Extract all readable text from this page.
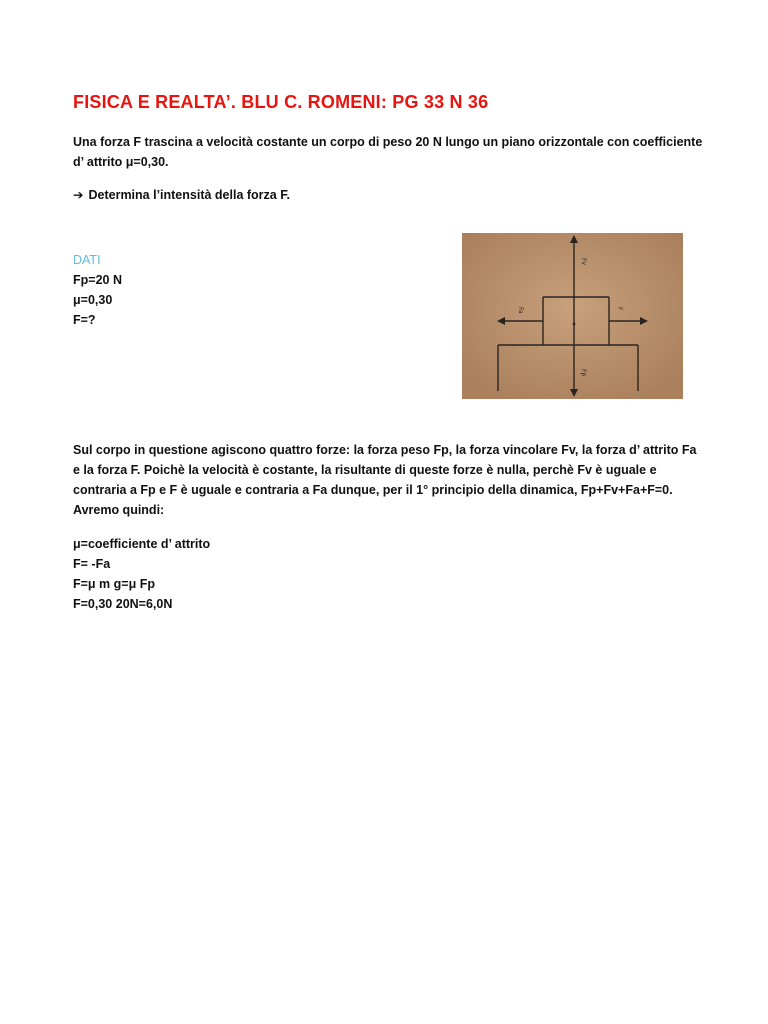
FISICA E REALTA’. BLU C. ROMENI: PG 33 N 36
Una forza F trascina a velocità costante un corpo di peso 20 N lungo un piano orizzontale con coefficiente
d’ attrito μ=0,30.
➔ Determina l’intensità della forza F.
DATI
Fp=20 N
μ=0,30
F=?
Fv
Fa	F
Fp
Sul corpo in questione agiscono quattro forze: la forza peso Fp, la forza vincolare Fv, la forza d’ attrito Fa
e la forza F. Poichè la velocità è costante, la risultante di queste forze è nulla, perchè Fv è uguale e
contraria a Fp e F è uguale e contraria a Fa dunque, per il 1° principio della dinamica, Fp+Fv+Fa+F=0.
Avremo quindi:
μ=coefficiente d’ attrito
F= -Fa
F=μ m g=μ Fp
F=0,30 20N=6,0N
